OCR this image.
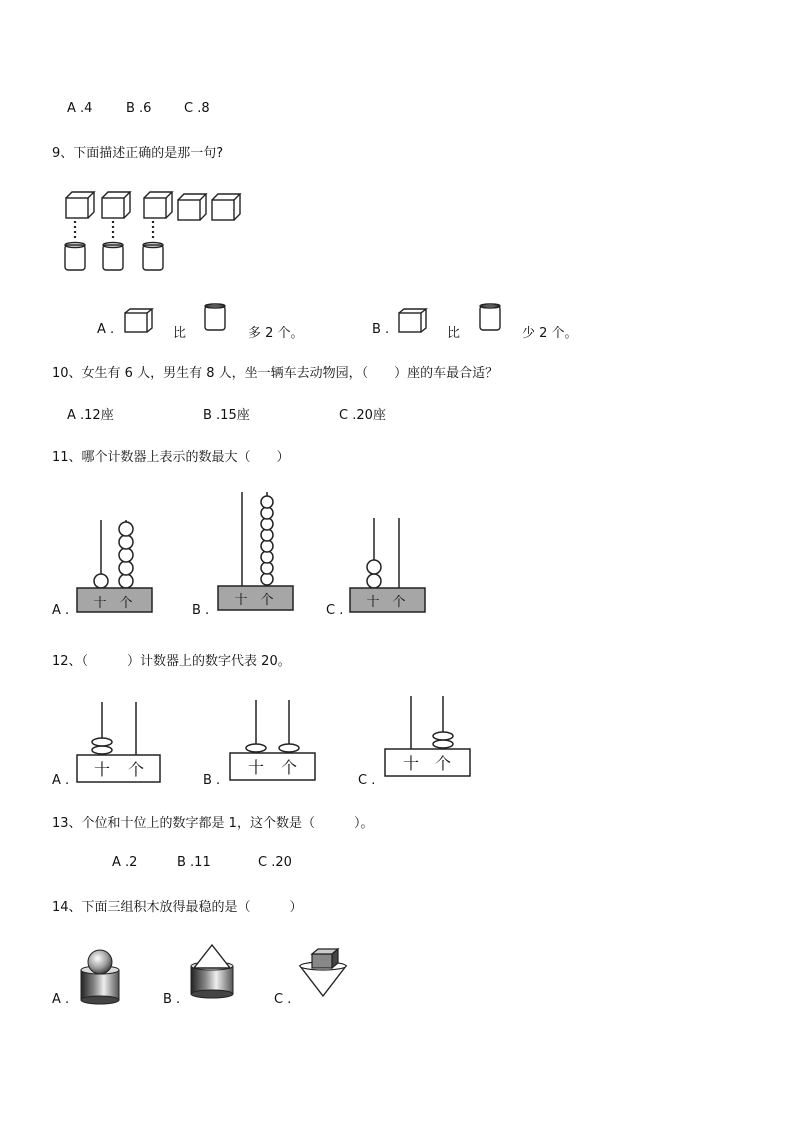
A .4	B .6	C .8
9、下面描述正确的是那一句?
A .	比	多 2 个。	B .	比	少 2 个。
10、女生有 6 人，男生有 8 人，坐一辆车去动物园，（　　）座的车最合适？
A .12座	B .15座	C .20座
11、哪个计数器上表示的数最大（　　）
A . 十 个	B .
十 个
C .
十 个
12、（　　　）计数器上的数字代表 20。
A .
十 个
B .
十 个
C .
十 个
13、个位和十位上的数字都是 1，这个数是（　　　）。
A .2	B .11	C .20
14、下面三组积木放得最稳的是（　　　）
A .	B .	C .
